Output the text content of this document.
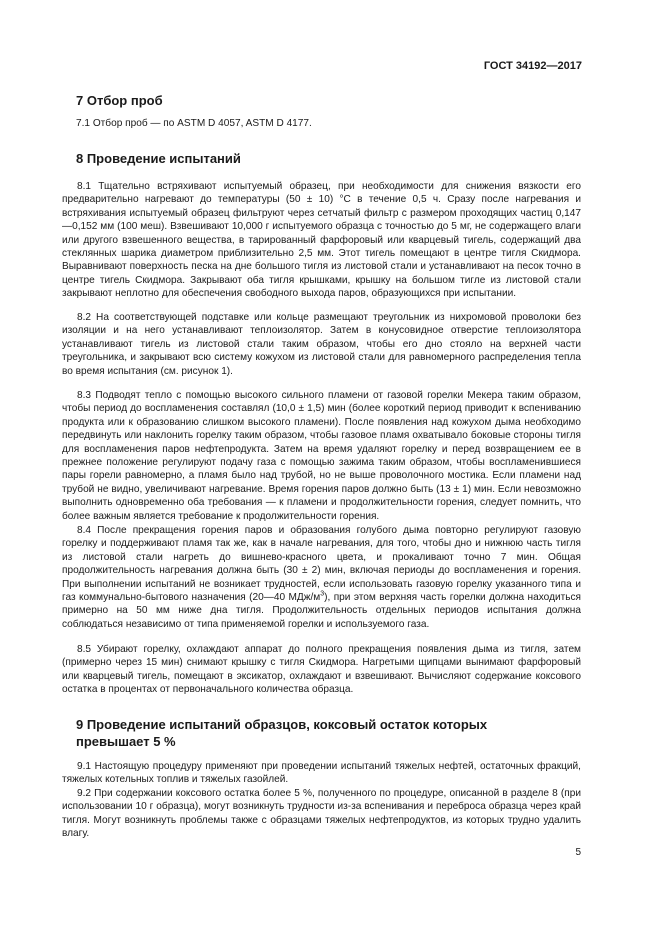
ГОСТ 34192—2017
7 Отбор проб

7.1 Отбор проб — по ASTM D 4057, ASTM D 4177.

8 Проведение испытаний

8.1 Тщательно встряхивают испытуемый образец, при необходимости для снижения вязкости его предварительно нагревают до температуры (50 ± 10) °С в течение 0,5 ч. Сразу после нагревания и встряхивания испытуемый образец фильтруют через сетчатый фильтр с размером проходящих частиц 0,147—0,152 мм (100 меш). Взвешивают 10,000 г испытуемого образца с точностью до 5 мг, не содержащего влаги или другого взвешенного вещества, в тарированный фарфоровый или кварцевый тигель, содержащий два стеклянных шарика диаметром приблизительно 2,5 мм. Этот тигель помещают в центре тигля Скидмора. Выравнивают поверхность песка на дне большого тигля из листовой стали и устанавливают на песок точно в центре тигель Скидмора. Закрывают оба тигля крышками, крышку на большом тигле из листовой стали закрывают неплотно для обеспечения свободного выхода паров, образующихся при испытании.

8.2 На соответствующей подставке или кольце размещают треугольник из нихромовой проволоки без изоляции и на него устанавливают теплоизолятор. Затем в конусовидное отверстие теплоизолятора устанавливают тигель из листовой стали таким образом, чтобы его дно стояло на верхней части треугольника, и закрывают всю систему кожухом из листовой стали для равномерного распределения тепла во время испытания (см. рисунок 1).

8.3 Подводят тепло с помощью высокого сильного пламени от газовой горелки Мекера таким образом, чтобы период до воспламенения составлял (10,0 ± 1,5) мин (более короткий период приводит к вспениванию продукта или к образованию слишком высокого пламени). После появления над кожухом дыма необходимо передвинуть или наклонить горелку таким образом, чтобы газовое пламя охватывало боковые стороны тигля для воспламенения паров нефтепродукта. Затем на время удаляют горелку и перед возвращением ее в прежнее положение регулируют подачу газа с помощью зажима таким образом, чтобы воспламенившиеся пары горели равномерно, а пламя было над трубой, но не выше проволочного мостика. Если пламени над трубой не видно, увеличивают нагревание. Время горения паров должно быть (13 ± 1) мин. Если невозможно выполнить одновременно оба требования — к пламени и продолжительности горения, следует помнить, что более важным является требование к продолжительности горения.

8.4 После прекращения горения паров и образования голубого дыма повторно регулируют газовую горелку и поддерживают пламя так же, как в начале нагревания, для того, чтобы дно и нижнюю часть тигля из листовой стали нагреть до вишнево-красного цвета, и прокаливают точно 7 мин. Общая продолжительность нагревания должна быть (30 ± 2) мин, включая периоды до воспламенения и горения. При выполнении испытаний не возникает трудностей, если использовать газовую горелку указанного типа и газ коммунально-бытового назначения (20—40 МДж/$м^3$), при этом верхняя часть горелки должна находиться примерно на 50 мм ниже дна тигля. Продолжительность отдельных периодов испытания должна соблюдаться независимо от типа применяемой горелки и используемого газа.

8.5 Убирают горелку, охлаждают аппарат до полного прекращения появления дыма из тигля, затем (примерно через 15 мин) снимают крышку с тигля Скидмора. Нагретыми щипцами вынимают фарфоровый или кварцевый тигель, помещают в эксикатор, охлаждают и взвешивают. Вычисляют содержание коксового остатка в процентах от первоначального количества образца.

9 Проведение испытаний образцов, коксовый остаток которых
превышает 5 %

9.1 Настоящую процедуру применяют при проведении испытаний тяжелых нефтей, остаточных фракций, тяжелых котельных топлив и тяжелых газойлей.

9.2 При содержании коксового остатка более 5 %, полученного по процедуре, описанной в разделе 8 (при использовании 10 г образца), могут возникнуть трудности из-за вспенивания и переброса образца через край тигля. Могут возникнуть проблемы также с образцами тяжелых нефтепродуктов, из которых трудно удалить влагу.

5
